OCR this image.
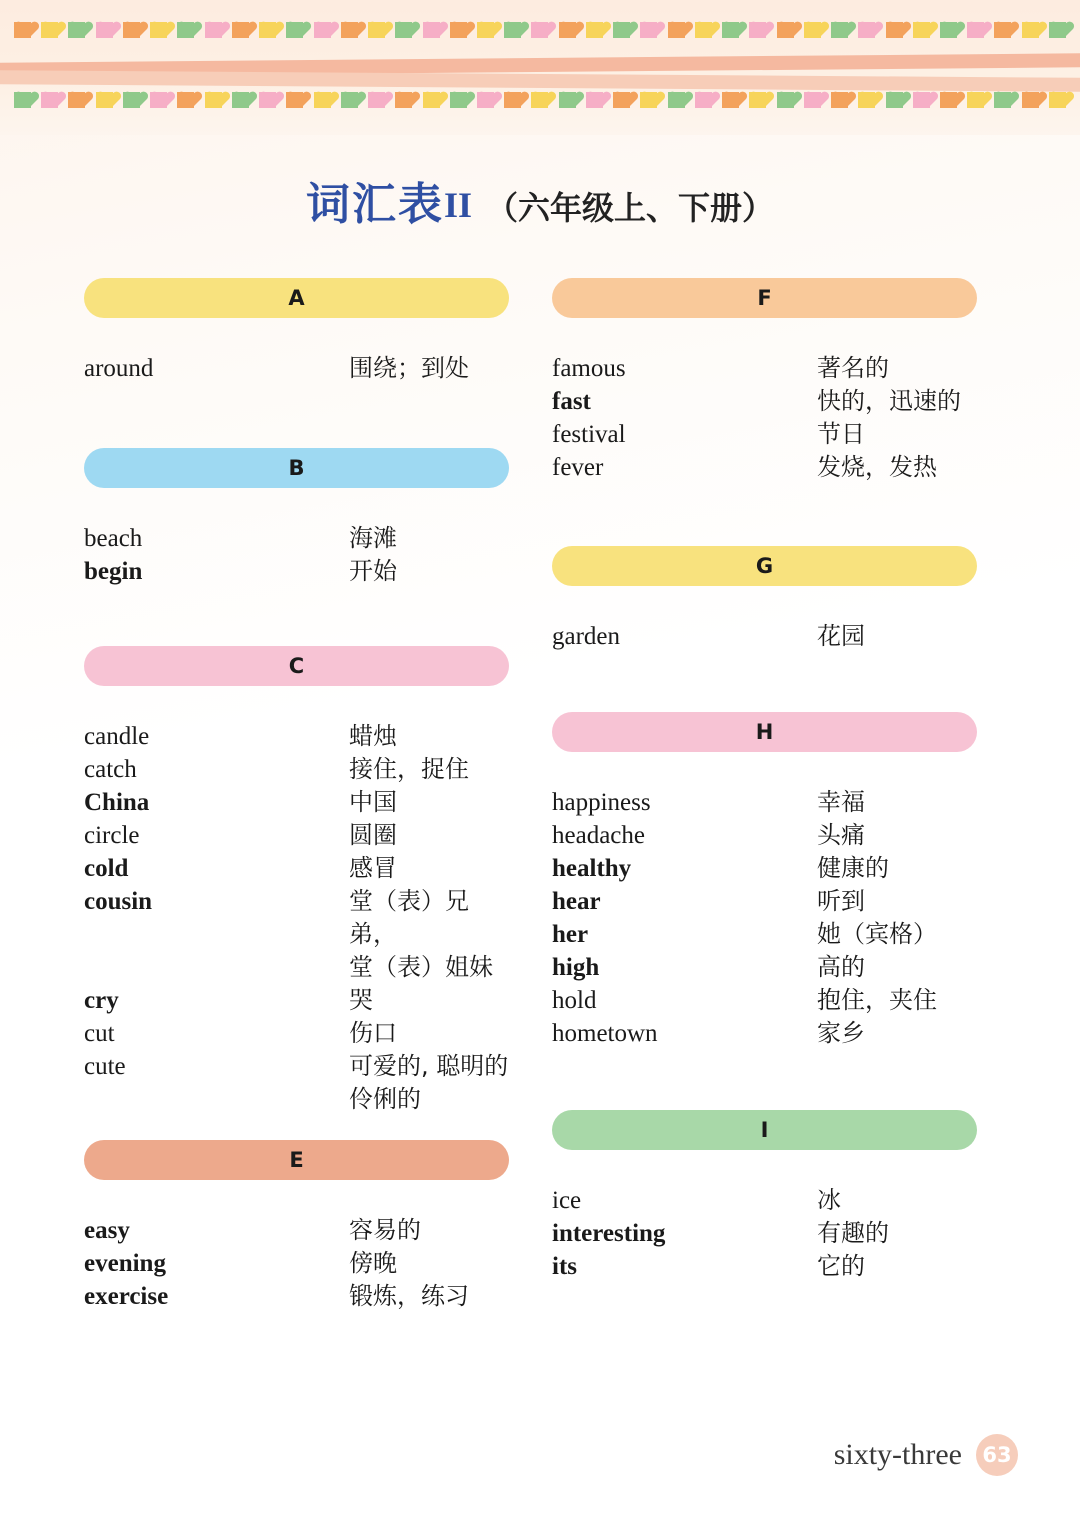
词汇表II （六年级上、下册）
A
around	围绕；到处
B
beach	海滩
begin	开始
C
candle	蜡烛
catch	接住，捉住
China	中国
circle	圆圈
cold	感冒
cousin	堂（表）兄弟，
堂（表）姐妹
cry	哭
cut	伤口
cute	可爱的, 聪明的
伶俐的
E
easy	容易的
evening	傍晚
exercise	锻炼，练习
F
famous	著名的
fast	快的，迅速的
festival	节日
fever	发烧，发热
G
garden	花园
H
happiness	幸福
headache	头痛
healthy	健康的
hear	听到
her	她（宾格）
high	高的
hold	抱住，夹住
hometown	家乡
I
ice	冰
interesting	有趣的
its	它的
sixty-three 63
